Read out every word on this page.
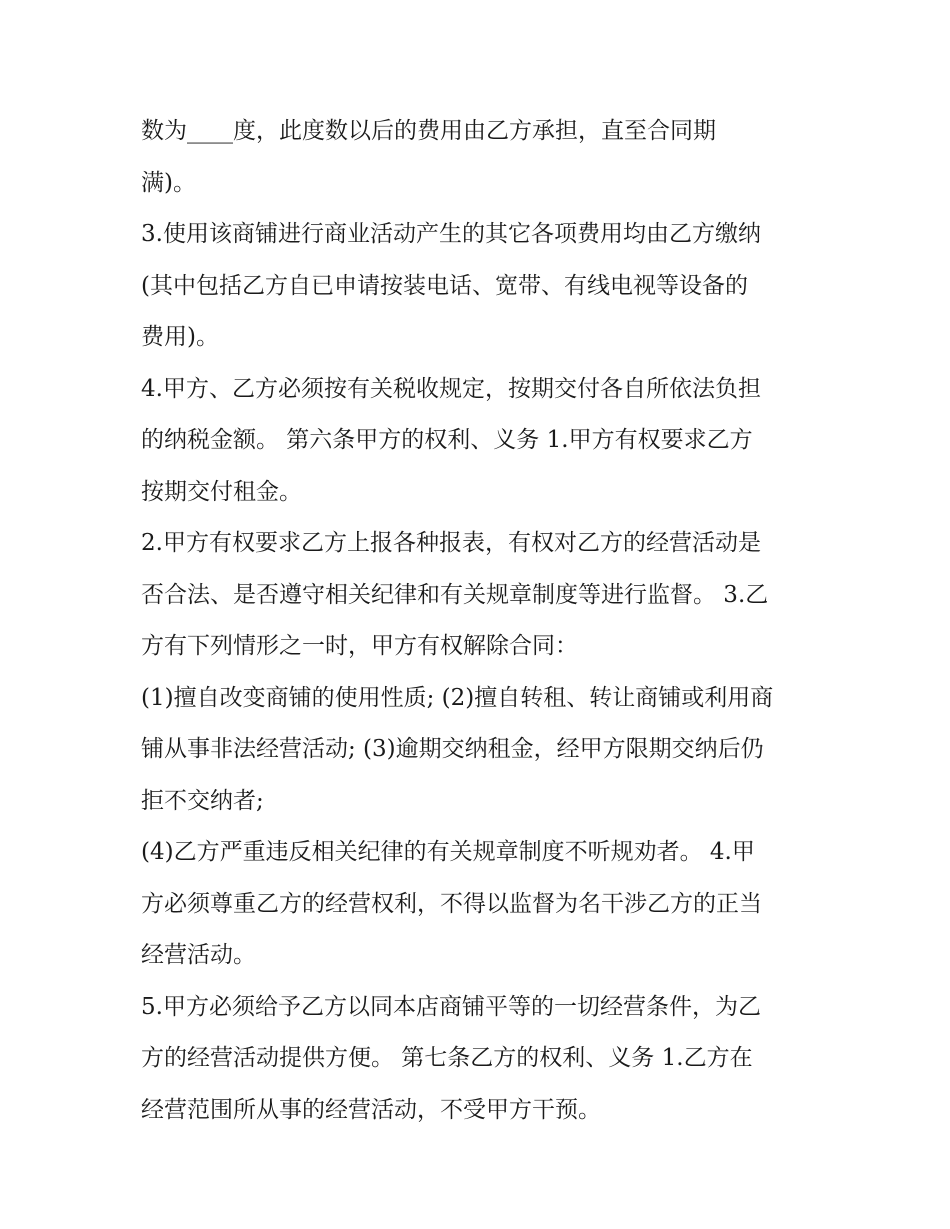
数为____度，此度数以后的费用由乙方承担，直至合同期
满)。

3.使用该商铺进行商业活动产生的其它各项费用均由乙方缴纳
(其中包括乙方自已申请按装电话、宽带、有线电视等设备的
费用)。

4.甲方、乙方必须按有关税收规定，按期交付各自所依法负担
的纳税金额。 第六条甲方的权利、义务 1.甲方有权要求乙方
按期交付租金。

2.甲方有权要求乙方上报各种报表，有权对乙方的经营活动是
否合法、是否遵守相关纪律和有关规章制度等进行监督。 3.乙
方有下列情形之一时，甲方有权解除合同：

(1)擅自改变商铺的使用性质; (2)擅自转租、转让商铺或利用商
铺从事非法经营活动; (3)逾期交纳租金，经甲方限期交纳后仍
拒不交纳者;

(4)乙方严重违反相关纪律的有关规章制度不听规劝者。 4.甲
方必须尊重乙方的经营权利，不得以监督为名干涉乙方的正当
经营活动。

5.甲方必须给予乙方以同本店商铺平等的一切经营条件，为乙
方的经营活动提供方便。 第七条乙方的权利、义务 1.乙方在
经营范围所从事的经营活动，不受甲方干预。
